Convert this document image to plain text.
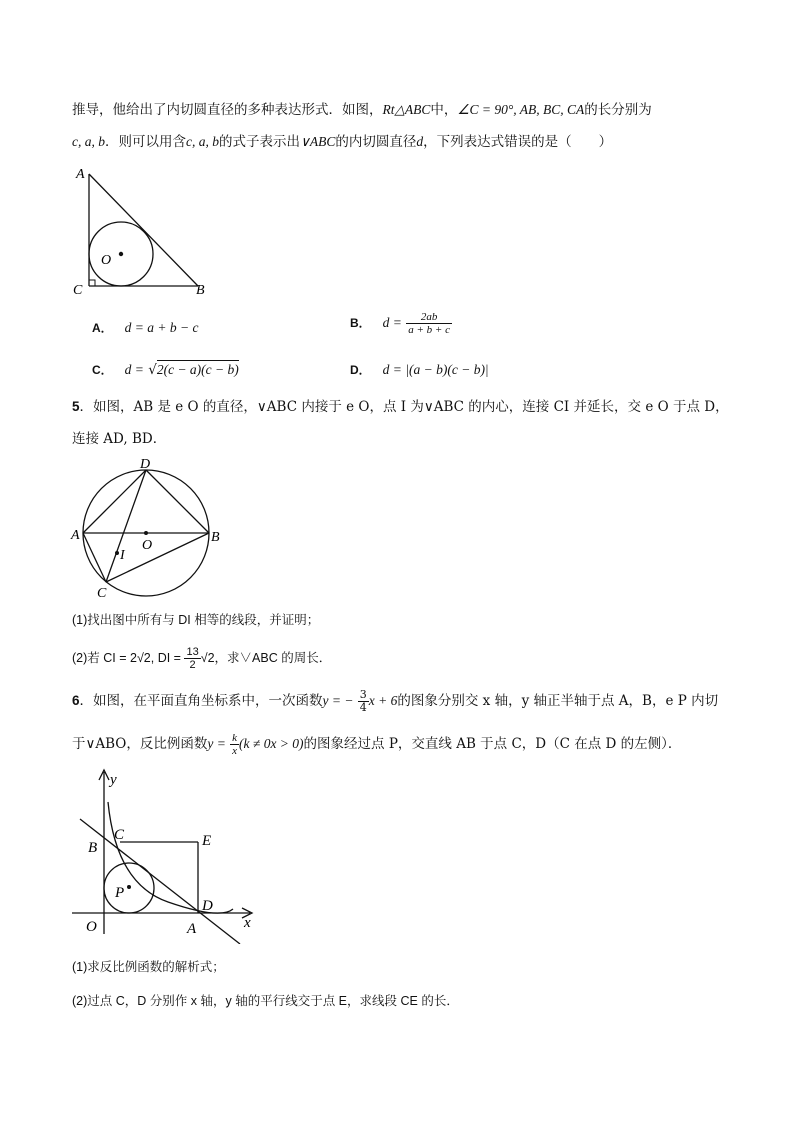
推导，他给出了内切圆直径的多种表达形式．如图，Rt△ABC中，∠C = 90°, AB, BC, CA的长分别为
c, a, b．则可以用含c, a, b的式子表示出∨ABC的内切圆直径d，下列表达式错误的是（　　）
A
C	B
O
A． d = a + b − c	B． $d = \frac{2ab}{a + b + c}$
C． d = √2(c − a)(c − b)	D． d = |(a − b)(c − b)|
5．如图，AB 是 e O 的直径，∨ABC 内接于 e O，点 I 为∨ABC 的内心，连接 CI 并延长，交 e O 于点 D，
连接 AD, BD．
D
A	B
O
I
C
(1)找出图中所有与 DI 相等的线段，并证明；
(2)若 CI = 2√2, DI = $\frac{13}{2} √2$，求∨ABC 的周长．
6．如图，在平面直角坐标系中，一次函数y = − $\frac{3}{4}$ x + 6的图象分别交 x 轴，y 轴正半轴于点 A，B，e P 内切
于∨ABO，反比例函数$y = \frac{k}{x} (k \ne 0x > 0)$的图象经过点 P，交直线 AB 于点 C，D（C 在点 D 的左侧）．
y
x
O	A
B
C	E
D
P
(1)求反比例函数的解析式；
(2)过点 C，D 分别作 x 轴，y 轴的平行线交于点 E，求线段 CE 的长．
